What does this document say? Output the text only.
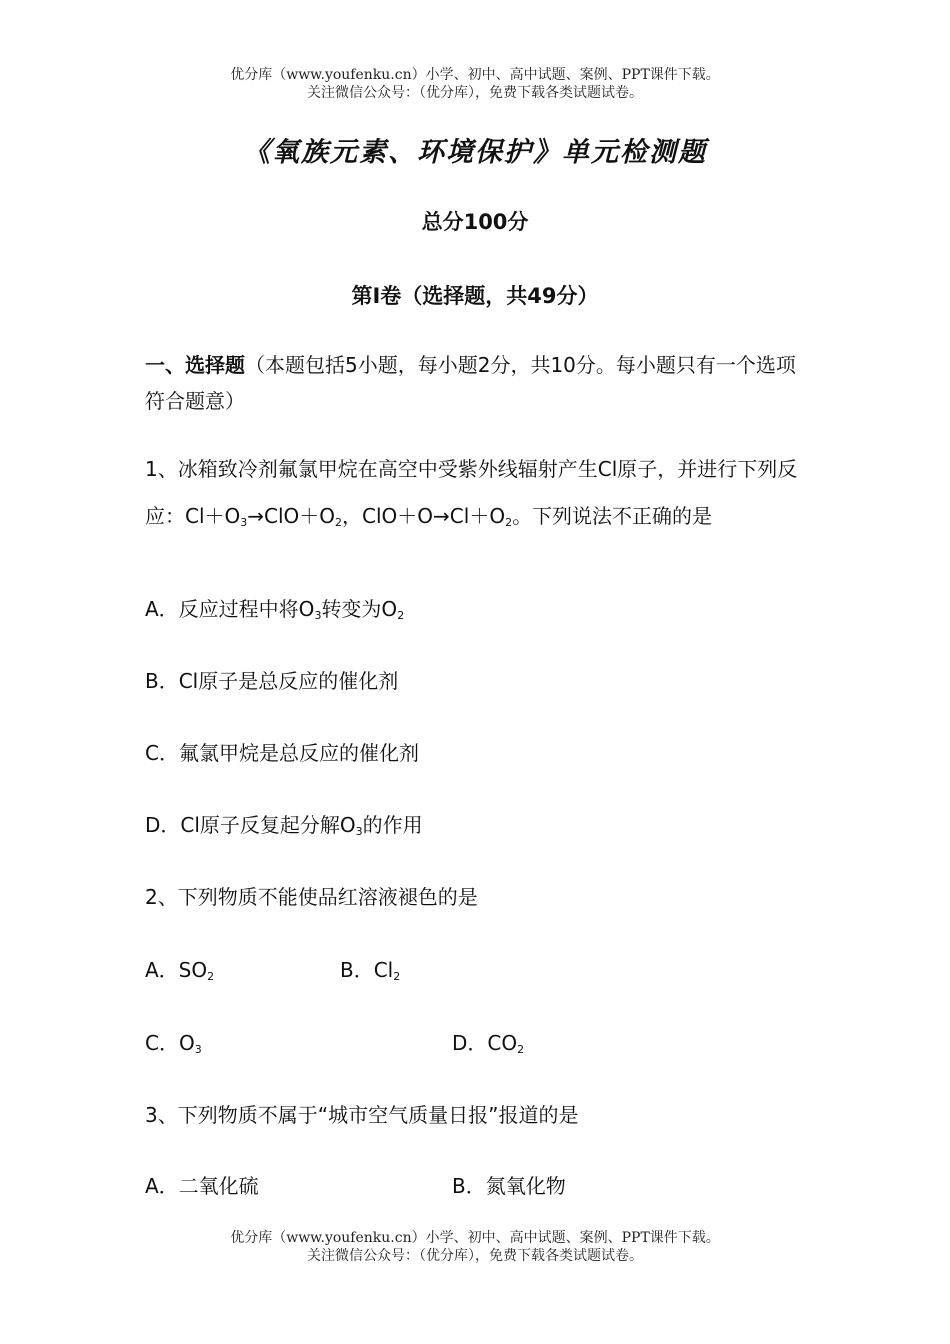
优分库（www.youfenku.cn）小学、初中、高中试题、案例、PPT课件下载。
关注微信公众号：（优分库），免费下载各类试题试卷。
《氧族元素、环境保护》单元检测题
总分100分
第Ⅰ卷（选择题，共49分）
一、选择题（本题包括5小题，每小题2分，共10分。每小题只有一个选项符合题意）
1、冰箱致冷剂氟氯甲烷在高空中受紫外线辐射产生Cl原子，并进行下列反应：$Cl+O_3\to ClO+O_2$，$ClO+O\to Cl+O_2$。下列说法不正确的是
A．反应过程中将$O_3$转变为$O_2$
B．Cl原子是总反应的催化剂
C．氟氯甲烷是总反应的催化剂
D．Cl原子反复起分解$O_3$的作用
2、下列物质不能使品红溶液褪色的是
A．$SO_2$	B．$Cl_2$
C．$O_3$	D．$CO_2$
3、下列物质不属于“城市空气质量日报”报道的是
A．二氧化硫	B．氮氧化物
优分库（www.youfenku.cn）小学、初中、高中试题、案例、PPT课件下载。
关注微信公众号：（优分库），免费下载各类试题试卷。
